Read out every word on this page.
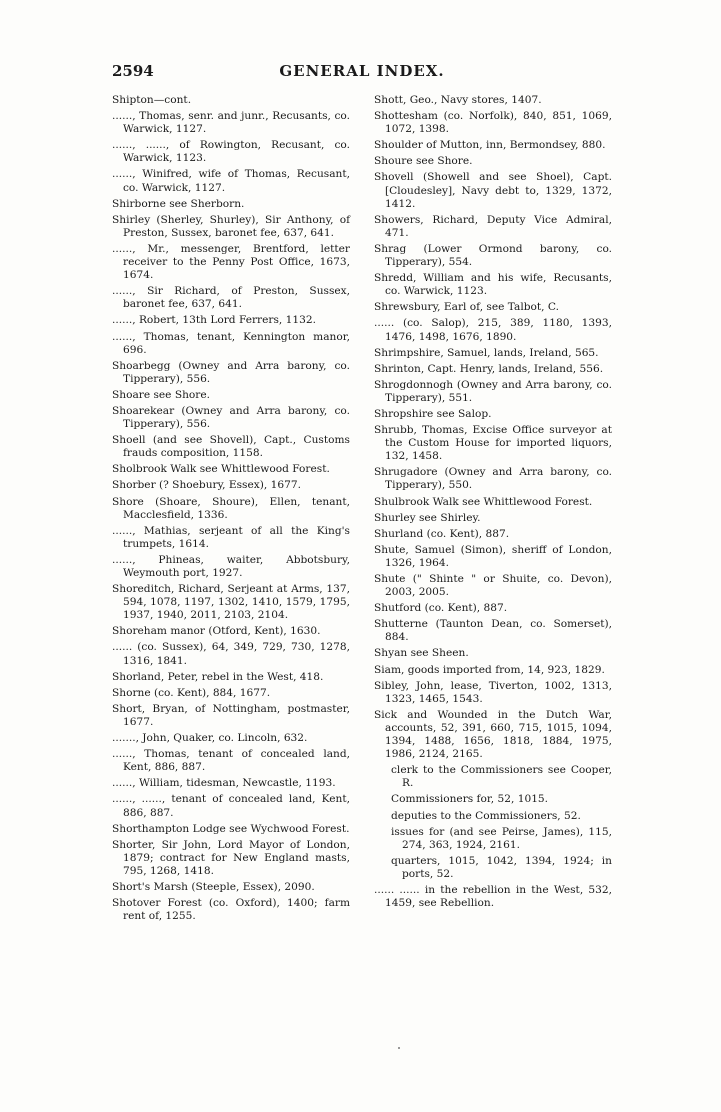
2594	GENERAL INDEX.

Shipton—cont.

......, Thomas, senr. and junr., Recusants, co. Warwick, 1127.

......, ......, of Rowington, Recusant, co. Warwick, 1123.

......, Winifred, wife of Thomas, Recusant, co. Warwick, 1127.

Shirborne see Sherborn.

Shirley (Sherley, Shurley), Sir Anthony, of Preston, Sussex, baronet fee, 637, 641.

......, Mr., messenger, Brentford, letter receiver to the Penny Post Office, 1673, 1674.

......, Sir Richard, of Preston, Sussex, baronet fee, 637, 641.

......, Robert, 13th Lord Ferrers, 1132.

......, Thomas, tenant, Kennington manor, 696.

Shoarbegg (Owney and Arra barony, co. Tipperary), 556.

Shoare see Shore.

Shoarekear (Owney and Arra barony, co. Tipperary), 556.

Shoell (and see Shovell), Capt., Customs frauds composition, 1158.

Sholbrook Walk see Whittlewood Forest.

Shorber (? Shoebury, Essex), 1677.

Shore (Shoare, Shoure), Ellen, tenant, Macclesfield, 1336.

......, Mathias, serjeant of all the King's trumpets, 1614.

......, Phineas, waiter, Abbotsbury, Weymouth port, 1927.

Shoreditch, Richard, Serjeant at Arms, 137, 594, 1078, 1197, 1302, 1410, 1579, 1795, 1937, 1940, 2011, 2103, 2104.

Shoreham manor (Otford, Kent), 1630.

...... (co. Sussex), 64, 349, 729, 730, 1278, 1316, 1841.

Shorland, Peter, rebel in the West, 418.

Shorne (co. Kent), 884, 1677.

Short, Bryan, of Nottingham, postmaster, 1677.

......., John, Quaker, co. Lincoln, 632.

......, Thomas, tenant of concealed land, Kent, 886, 887.

......, William, tidesman, Newcastle, 1193.

......, ......, tenant of concealed land, Kent, 886, 887.

Shorthampton Lodge see Wychwood Forest.

Shorter, Sir John, Lord Mayor of London, 1879; contract for New England masts, 795, 1268, 1418.

Short's Marsh (Steeple, Essex), 2090.

Shotover Forest (co. Oxford), 1400; farm rent of, 1255.

Shott, Geo., Navy stores, 1407.

Shottesham (co. Norfolk), 840, 851, 1069, 1072, 1398.

Shoulder of Mutton, inn, Bermondsey, 880.

Shoure see Shore.

Shovell (Showell and see Shoel), Capt. [Cloudesley], Navy debt to, 1329, 1372, 1412.

Showers, Richard, Deputy Vice Admiral, 471.

Shrag (Lower Ormond barony, co. Tipperary), 554.

Shredd, William and his wife, Recusants, co. Warwick, 1123.

Shrewsbury, Earl of, see Talbot, C.

...... (co. Salop), 215, 389, 1180, 1393, 1476, 1498, 1676, 1890.

Shrimpshire, Samuel, lands, Ireland, 565.

Shrinton, Capt. Henry, lands, Ireland, 556.

Shrogdonnogh (Owney and Arra barony, co. Tipperary), 551.

Shropshire see Salop.

Shrubb, Thomas, Excise Office surveyor at the Custom House for imported liquors, 132, 1458.

Shrugadore (Owney and Arra barony, co. Tipperary), 550.

Shulbrook Walk see Whittlewood Forest.

Shurley see Shirley.

Shurland (co. Kent), 887.

Shute, Samuel (Simon), sheriff of London, 1326, 1964.

Shute (" Shinte " or Shuite, co. Devon), 2003, 2005.

Shutford (co. Kent), 887.

Shutterne (Taunton Dean, co. Somerset), 884.

Shyan see Sheen.

Siam, goods imported from, 14, 923, 1829.

Sibley, John, lease, Tiverton, 1002, 1313, 1323, 1465, 1543.

Sick and Wounded in the Dutch War, accounts, 52, 391, 660, 715, 1015, 1094, 1394, 1488, 1656, 1818, 1884, 1975, 1986, 2124, 2165.

clerk to the Commissioners see Cooper, R.

Commissioners for, 52, 1015.

deputies to the Commissioners, 52.

issues for (and see Peirse, James), 115, 274, 363, 1924, 2161.

quarters, 1015, 1042, 1394, 1924; in ports, 52.

...... ...... in the rebellion in the West, 532, 1459, see Rebellion.
